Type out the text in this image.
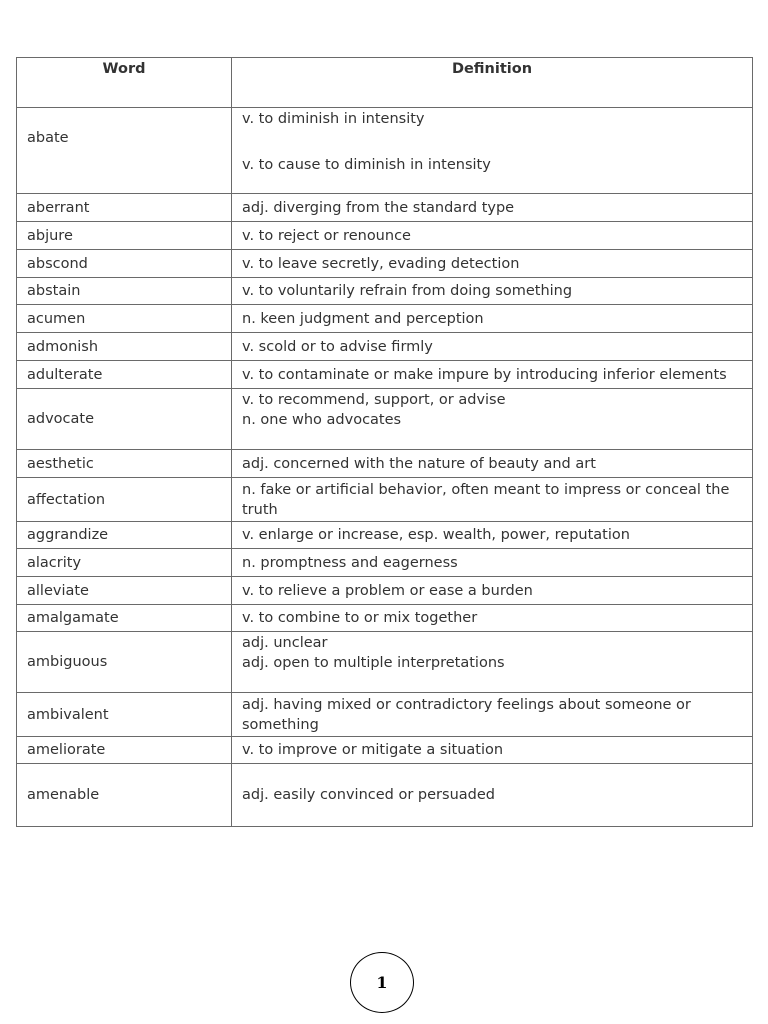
Word	Definition
abate	v. to diminish in intensity
v. to cause to diminish in intensity

aberrant	adj. diverging from the standard type

abjure	v. to reject or renounce

abscond	v. to leave secretly, evading detection

abstain	v. to voluntarily refrain from doing something

acumen	n. keen judgment and perception

admonish	v. scold or to advise firmly

adulterate	v. to contaminate or make impure by introducing inferior elements

advocate	v. to recommend, support, or advise
n. one who advocates

aesthetic	adj. concerned with the nature of beauty and art

affectation	n. fake or artificial behavior, often meant to impress or conceal the truth

aggrandize	v. enlarge or increase, esp. wealth, power, reputation

alacrity	n. promptness and eagerness

alleviate	v. to relieve a problem or ease a burden

amalgamate	v. to combine to or mix together

ambiguous	adj. unclear
adj. open to multiple interpretations

ambivalent	adj. having mixed or contradictory feelings about someone or something

ameliorate	v. to improve or mitigate a situation

amenable	adj. easily convinced or persuaded
1
